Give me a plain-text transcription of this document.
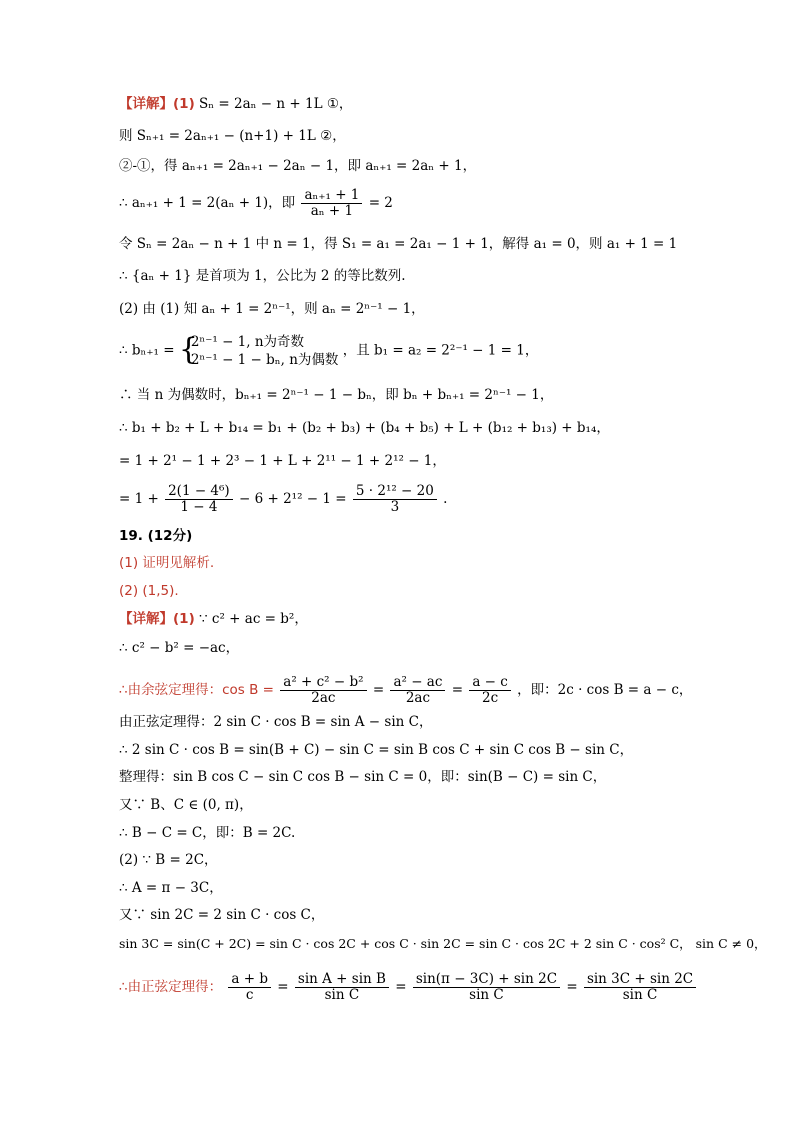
【详解】(1) Sₙ = 2aₙ − n + 1L ①，
则 Sₙ₊₁ = 2aₙ₊₁ − (n+1) + 1L ②，
②-①，得 aₙ₊₁ = 2aₙ₊₁ − 2aₙ − 1，即 aₙ₊₁ = 2aₙ + 1，
∴ aₙ₊₁ + 1 = 2(aₙ + 1)，即 $\frac{\text{aₙ₊₁ + 1}}{\text{aₙ + 1}} = 2$
令 Sₙ = 2aₙ − n + 1 中 n = 1，得 S₁ = a₁ = 2a₁ − 1 + 1，解得 a₁ = 0，则 a₁ + 1 = 1
∴ {aₙ + 1} 是首项为 1，公比为 2 的等比数列.
(2) 由 (1) 知 aₙ + 1 = 2ⁿ⁻¹，则 aₙ = 2ⁿ⁻¹ − 1，
∴ bₙ₊₁ = {
2ⁿ⁻¹ − 1, n为奇数
2ⁿ⁻¹ − 1 − bₙ, n为偶数
，且 b₁ = a₂ = 2²⁻¹ − 1 = 1，
∴ 当 n 为偶数时，bₙ₊₁ = 2ⁿ⁻¹ − 1 − bₙ，即 bₙ + bₙ₊₁ = 2ⁿ⁻¹ − 1，
∴ b₁ + b₂ + L + b₁₄ = b₁ + (b₂ + b₃) + (b₄ + b₅) + L + (b₁₂ + b₁₃) + b₁₄，
= 1 + 2¹ − 1 + 2³ − 1 + L + 2¹¹ − 1 + 2¹² − 1，
= $1 + \frac{\text{2(1 − 4⁶)}}{1 - 4} - 6 + 2^{12} - 1 = \frac{\text{5 · 2¹² − 20}}{3}$ .
19. (12分)
(1) 证明见解析.
(2) (1,5).
【详解】(1) ∵ c² + ac = b²，
∴ c² − b² = −ac，
∴由余弦定理得：$\cos B = \frac{\text{a² + c² − b²}}{2ac} = \frac{\text{a² − ac}}{2ac} = \frac{a - c}{2c}$ ，即：2c · cos B = a − c，
由正弦定理得：2 sin C · cos B = sin A − sin C，
∴ 2 sin C · cos B = sin(B + C) − sin C = sin B cos C + sin C cos B − sin C，
整理得：sin B cos C − sin C cos B − sin C = 0，即：sin(B − C) = sin C，
又∵ B、C ∈ (0, π)，
∴ B − C = C，即：B = 2C.
(2) ∵ B = 2C，
∴ A = π − 3C，
又∵ sin 2C = 2 sin C · cos C，
sin 3C = sin(C + 2C) = sin C · cos 2C + cos C · sin 2C = sin C · cos 2C + 2 sin C · cos² C， sin C ≠ 0，
∴由正弦定理得： $\frac{a + b}{c} = \frac{\text{sin A + sin B}}{\text{sin C}} = \frac{\sin(\pi - 3C) + \sin 2C}{\text{sin C}} = \frac{\sin 3C + \sin 2C}{\text{sin C}}$
